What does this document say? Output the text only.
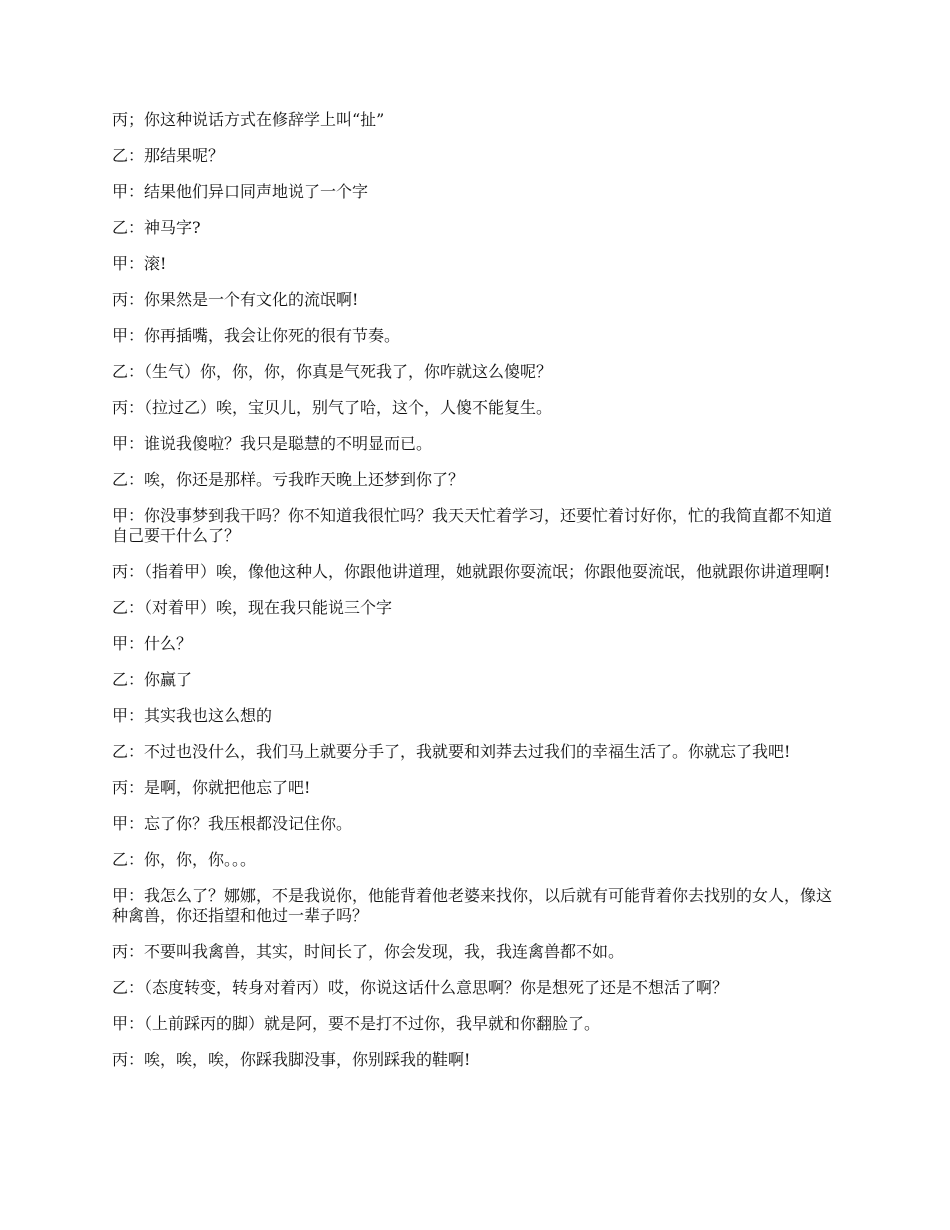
丙；你这种说话方式在修辞学上叫“扯”

乙：那结果呢？

甲：结果他们异口同声地说了一个字

乙：神马字?

甲：滚!

丙：你果然是一个有文化的流氓啊!

甲：你再插嘴，我会让你死的很有节奏。

乙：（生气）你，你，你，你真是气死我了，你咋就这么傻呢？

丙：（拉过乙）唉，宝贝儿，别气了哈，这个，人傻不能复生。

甲：谁说我傻啦？我只是聪慧的不明显而已。

乙：唉，你还是那样。亏我昨天晚上还梦到你了？

甲：你没事梦到我干吗？你不知道我很忙吗？我天天忙着学习，还要忙着讨好你，忙的我简直都不知道自己要干什么了？

丙：（指着甲）唉，像他这种人，你跟他讲道理，她就跟你耍流氓；你跟他耍流氓，他就跟你讲道理啊!

乙：（对着甲）唉，现在我只能说三个字

甲：什么？

乙：你赢了

甲：其实我也这么想的

乙：不过也没什么，我们马上就要分手了，我就要和刘莽去过我们的幸福生活了。你就忘了我吧!

丙：是啊，你就把他忘了吧!

甲：忘了你？我压根都没记住你。

乙：你，你，你。。。

甲：我怎么了？娜娜，不是我说你，他能背着他老婆来找你，以后就有可能背着你去找别的女人，像这种禽兽，你还指望和他过一辈子吗？

丙：不要叫我禽兽，其实，时间长了，你会发现，我，我连禽兽都不如。

乙：（态度转变，转身对着丙）哎，你说这话什么意思啊？你是想死了还是不想活了啊？

甲：（上前踩丙的脚）就是阿，要不是打不过你，我早就和你翻脸了。

丙：唉，唉，唉，你踩我脚没事，你别踩我的鞋啊!
